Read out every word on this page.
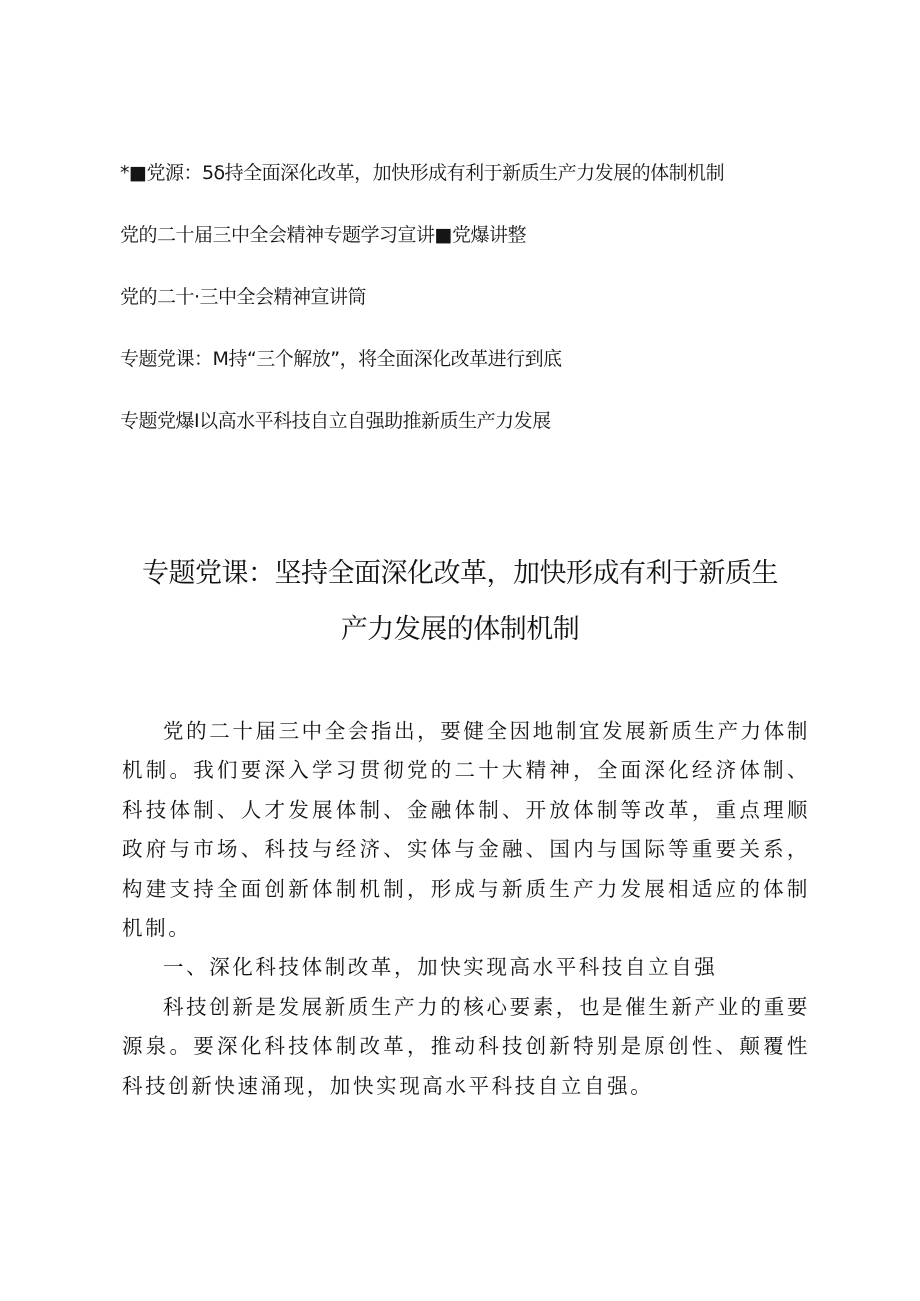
*■党源：5δ持全面深化改革，加快形成有利于新质生产力发展的体制机制
党的二十届三中全会精神专题学习宣讲■党爆讲整
党的二十·三中全会精神宣讲筒
专题党课：M持“三个解放”，将全面深化改革进行到底
专题党爆I以高水平科技自立自强助推新质生产力发展
专题党课：坚持全面深化改革，加快形成有利于新质生
产力发展的体制机制

党的二十届三中全会指出，要健全因地制宜发展新质生产力体制机制。我们要深入学习贯彻党的二十大精神，全面深化经济体制、科技体制、人才发展体制、金融体制、开放体制等改革，重点理顺政府与市场、科技与经济、实体与金融、国内与国际等重要关系，构建支持全面创新体制机制，形成与新质生产力发展相适应的体制机制。

一、深化科技体制改革，加快实现高水平科技自立自强

科技创新是发展新质生产力的核心要素，也是催生新产业的重要源泉。要深化科技体制改革，推动科技创新特别是原创性、颠覆性科技创新快速涌现，加快实现高水平科技自立自强。
